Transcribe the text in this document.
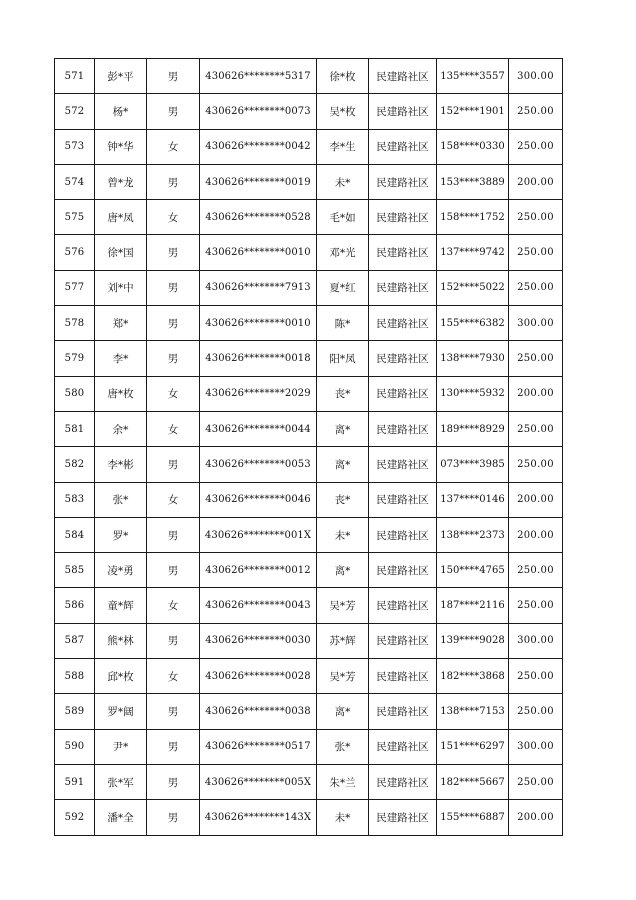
571	彭*平	男	430626********5317	徐*枚	民建路社区	135****3557	300.00
572	杨*	男	430626********0073	吴*枚	民建路社区	152****1901	250.00
573	钟*华	女	430626********0042	李*生	民建路社区	158****0330	250.00
574	曾*龙	男	430626********0019	未*	民建路社区	153****3889	200.00
575	唐*凤	女	430626********0528	毛*如	民建路社区	158****1752	250.00
576	徐*国	男	430626********0010	邓*光	民建路社区	137****9742	250.00
577	刘*中	男	430626********7913	夏*红	民建路社区	152****5022	250.00
578	郑*	男	430626********0010	陈*	民建路社区	155****6382	300.00
579	李*	男	430626********0018	阳*凤	民建路社区	138****7930	250.00
580	唐*枚	女	430626********2029	丧*	民建路社区	130****5932	200.00
581	余*	女	430626********0044	离*	民建路社区	189****8929	250.00
582	李*彬	男	430626********0053	离*	民建路社区	073****3985	250.00
583	张*	女	430626********0046	丧*	民建路社区	137****0146	200.00
584	罗*	男	430626********001X	未*	民建路社区	138****2373	200.00
585	凌*勇	男	430626********0012	离*	民建路社区	150****4765	250.00
586	童*辉	女	430626********0043	吴*芳	民建路社区	187****2116	250.00
587	熊*林	男	430626********0030	苏*辉	民建路社区	139****9028	300.00
588	邱*枚	女	430626********0028	吴*芳	民建路社区	182****3868	250.00
589	罗*阔	男	430626********0038	离*	民建路社区	138****7153	250.00
590	尹*	男	430626********0517	张*	民建路社区	151****6297	300.00
591	张*军	男	430626********005X	朱*兰	民建路社区	182****5667	250.00
592	潘*全	男	430626********143X	未*	民建路社区	155****6887	200.00
